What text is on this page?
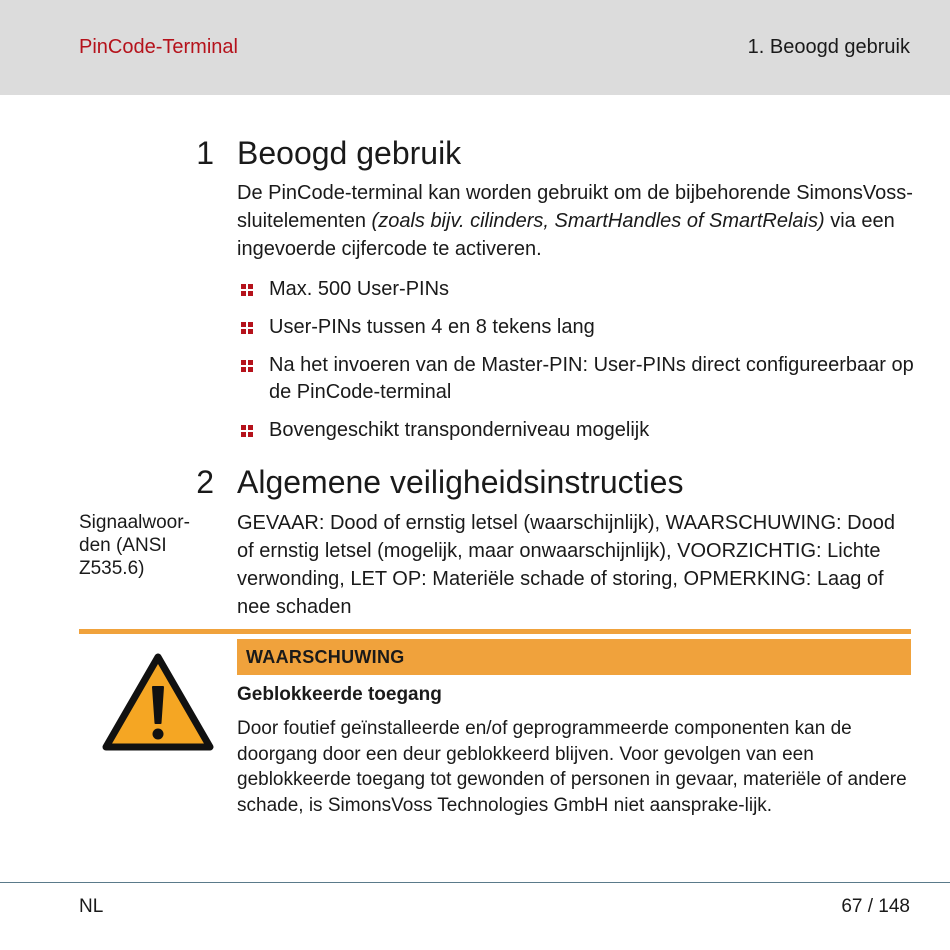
PinCode-Terminal	1. Beoogd gebruik
1 Beoogd gebruik
De PinCode-terminal kan worden gebruikt om de bijbehorende SimonsVoss-sluitelementen (zoals bijv. cilinders, SmartHandles of SmartRelais) via een ingevoerde cijfercode te activeren.
Max. 500 User-PINs
User-PINs tussen 4 en 8 tekens lang
Na het invoeren van de Master-PIN: User-PINs direct configureerbaar op de PinCode-terminal
Bovengeschikt transponderniveau mogelijk
2 Algemene veiligheidsinstructies
Signaalwoor-den (ANSI Z535.6)
GEVAAR: Dood of ernstig letsel (waarschijnlijk), WAARSCHUWING: Dood of ernstig letsel (mogelijk, maar onwaarschijnlijk), VOORZICHTIG: Lichte verwonding, LET OP: Materiële schade of storing, OPMERKING: Laag of nee schaden
WAARSCHUWING
Geblokkeerde toegang
Door foutief geïnstalleerde en/of geprogrammeerde componenten kan de doorgang door een deur geblokkeerd blijven. Voor gevolgen van een geblokkeerde toegang tot gewonden of personen in gevaar, materiële of andere schade, is SimonsVoss Technologies GmbH niet aansprake-lijk.
NL	67 / 148
